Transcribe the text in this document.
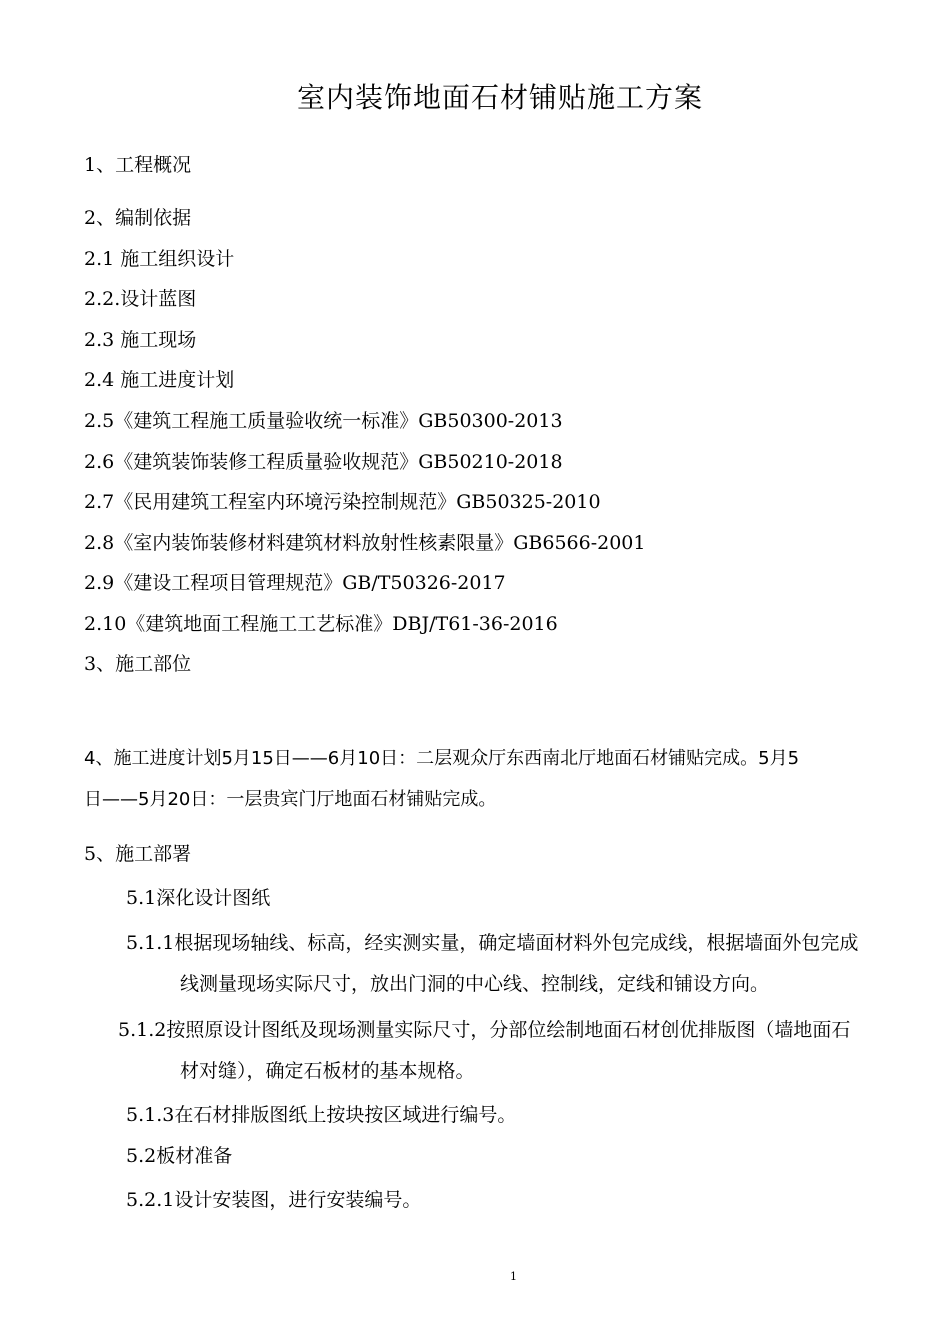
室内装饰地面石材铺贴施工方案
1、工程概况
2、编制依据
2.1 施工组织设计
2.2.设计蓝图
2.3 施工现场
2.4 施工进度计划
2.5《建筑工程施工质量验收统一标准》GB50300-2013
2.6《建筑装饰装修工程质量验收规范》GB50210-2018
2.7《民用建筑工程室内环境污染控制规范》GB50325-2010
2.8《室内装饰装修材料建筑材料放射性核素限量》GB6566-2001
2.9《建设工程项目管理规范》GB/T50326-2017
2.10《建筑地面工程施工工艺标准》DBJ/T61-36-2016
3、施工部位
4、施工进度计划5月15日——6月10日：二层观众厅东西南北厅地面石材铺贴完成。5月5
日——5月20日：一层贵宾门厅地面石材铺贴完成。
5、施工部署
5.1深化设计图纸
5.1.1根据现场轴线、标高，经实测实量，确定墙面材料外包完成线，根据墙面外包完成
线测量现场实际尺寸，放出门洞的中心线、控制线，定线和铺设方向。
5.1.2按照原设计图纸及现场测量实际尺寸，分部位绘制地面石材创优排版图（墙地面石
材对缝），确定石板材的基本规格。
5.1.3在石材排版图纸上按块按区域进行编号。
5.2板材准备
5.2.1设计安装图，进行安装编号。
1
